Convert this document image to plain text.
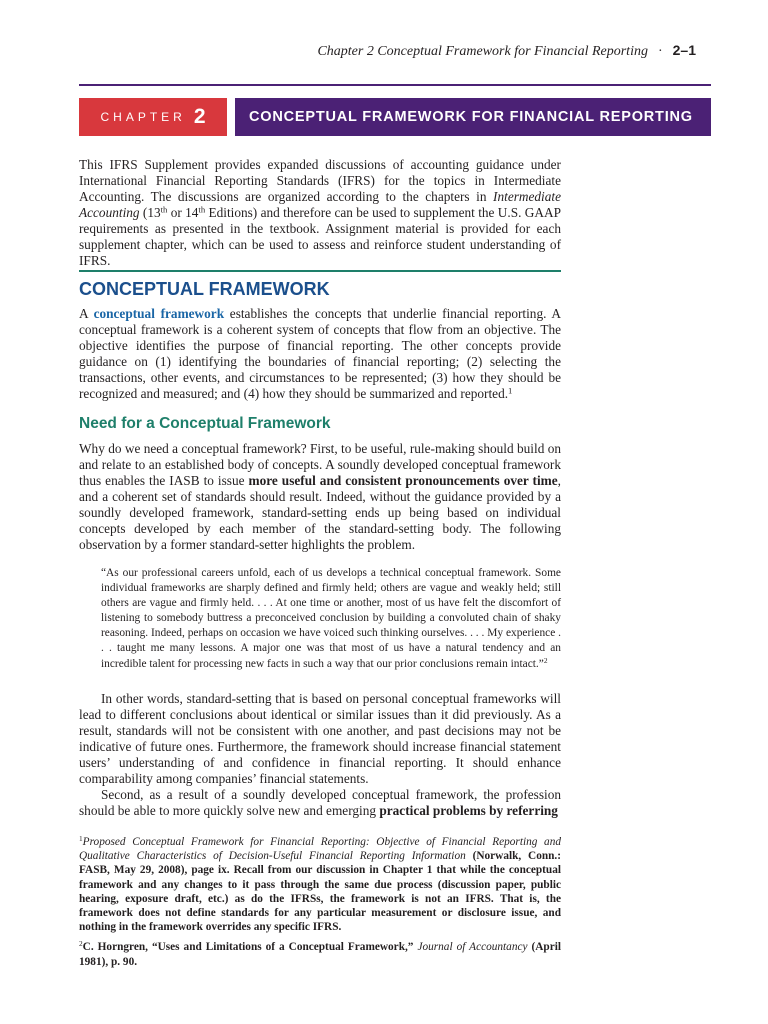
Chapter 2 Conceptual Framework for Financial Reporting · 2–1
CHAPTER 2	CONCEPTUAL FRAMEWORK FOR FINANCIAL REPORTING

This IFRS Supplement provides expanded discussions of accounting guidance under International Financial Reporting Standards (IFRS) for the topics in Intermediate Accounting. The discussions are organized according to the chapters in Intermediate Accounting (13th or 14th Editions) and therefore can be used to supplement the U.S. GAAP requirements as presented in the textbook. Assignment material is provided for each supplement chapter, which can be used to assess and reinforce student understanding of IFRS.

CONCEPTUAL FRAMEWORK

A conceptual framework establishes the concepts that underlie financial reporting. A conceptual framework is a coherent system of concepts that flow from an objective. The objective identifies the purpose of financial reporting. The other concepts provide guidance on (1) identifying the boundaries of financial reporting; (2) selecting the transactions, other events, and circumstances to be represented; (3) how they should be recognized and measured; and (4) how they should be summarized and reported.$^1$

Need for a Conceptual Framework

Why do we need a conceptual framework? First, to be useful, rule-making should build on and relate to an established body of concepts. A soundly developed conceptual framework thus enables the IASB to issue more useful and consistent pronouncements over time, and a coherent set of standards should result. Indeed, without the guidance provided by a soundly developed framework, standard-setting ends up being based on individual concepts developed by each member of the standard-setting body. The following observation by a former standard-setter highlights the problem.

“As our professional careers unfold, each of us develops a technical conceptual framework. Some individual frameworks are sharply defined and firmly held; others are vague and weakly held; still others are vague and firmly held. . . . At one time or another, most of us have felt the discomfort of listening to somebody buttress a preconceived conclusion by building a convoluted chain of shaky reasoning. Indeed, perhaps on occasion we have voiced such thinking ourselves. . . . My experience . . . taught me many lessons. A major one was that most of us have a natural tendency and an incredible talent for processing new facts in such a way that our prior conclusions remain intact.”$^2$

In other words, standard-setting that is based on personal conceptual frameworks will lead to different conclusions about identical or similar issues than it did previously. As a result, standards will not be consistent with one another, and past decisions may not be indicative of future ones. Furthermore, the framework should increase financial statement users’ understanding of and confidence in financial reporting. It should enhance comparability among companies’ financial statements.

Second, as a result of a soundly developed conceptual framework, the profession should be able to more quickly solve new and emerging practical problems by referring

$^1$Proposed Conceptual Framework for Financial Reporting: Objective of Financial Reporting and Qualitative Characteristics of Decision-Useful Financial Reporting Information (Norwalk, Conn.: FASB, May 29, 2008), page ix. Recall from our discussion in Chapter 1 that while the conceptual framework and any changes to it pass through the same due process (discussion paper, public hearing, exposure draft, etc.) as do the IFRSs, the framework is not an IFRS. That is, the framework does not define standards for any particular measurement or disclosure issue, and nothing in the framework overrides any specific IFRS.

$^2$C. Horngren, “Uses and Limitations of a Conceptual Framework,” Journal of Accountancy (April 1981), p. 90.
